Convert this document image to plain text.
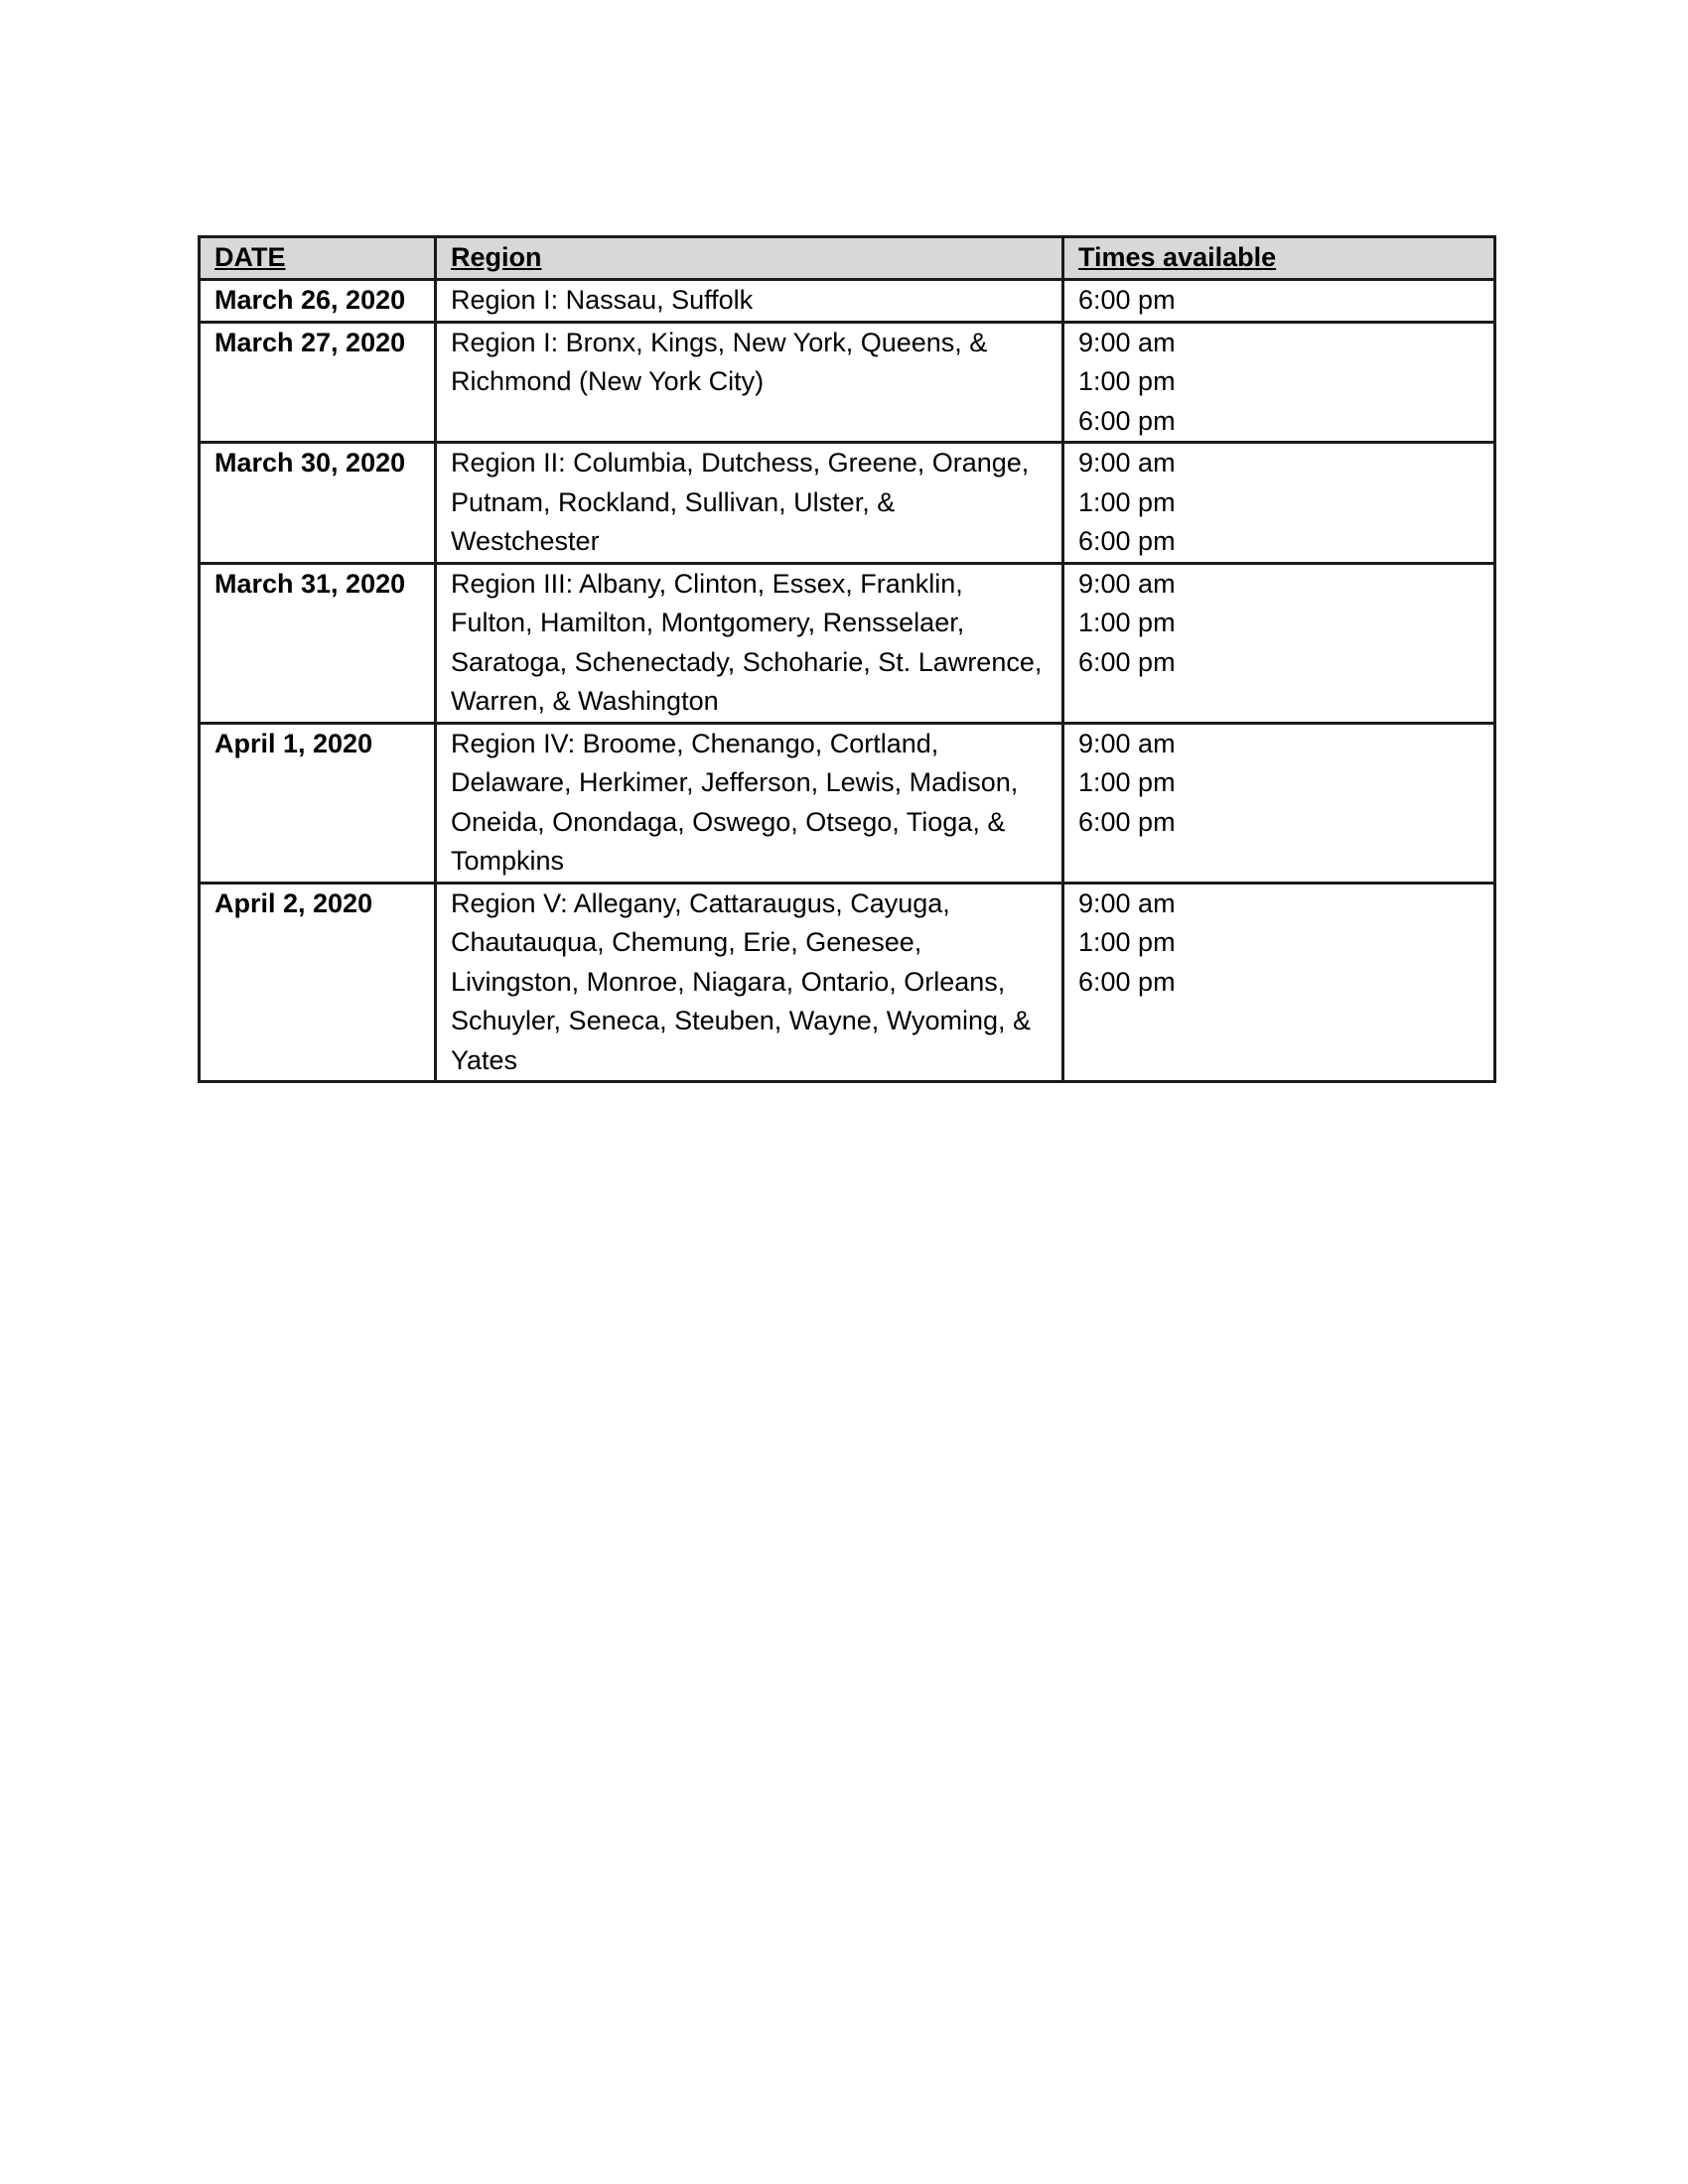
DATE	Region	Times available
March 26, 2020	Region I: Nassau, Suffolk	6:00 pm

March 27, 2020	Region I: Bronx, Kings, New York, Queens, & Richmond (New York City)	9:00 am
1:00 pm
6:00 pm

March 30, 2020	Region II: Columbia, Dutchess, Greene, Orange, Putnam, Rockland, Sullivan, Ulster, & Westchester	9:00 am
1:00 pm
6:00 pm

March 31, 2020	Region III: Albany, Clinton, Essex, Franklin, Fulton, Hamilton, Montgomery, Rensselaer, Saratoga, Schenectady, Schoharie, St. Lawrence, Warren, & Washington	9:00 am
1:00 pm
6:00 pm

April 1, 2020	Region IV: Broome, Chenango, Cortland, Delaware, Herkimer, Jefferson, Lewis, Madison, Oneida, Onondaga, Oswego, Otsego, Tioga, & Tompkins	9:00 am
1:00 pm
6:00 pm

April 2, 2020	Region V: Allegany, Cattaraugus, Cayuga, Chautauqua, Chemung, Erie, Genesee, Livingston, Monroe, Niagara, Ontario, Orleans, Schuyler, Seneca, Steuben, Wayne, Wyoming, & Yates	9:00 am
1:00 pm
6:00 pm
